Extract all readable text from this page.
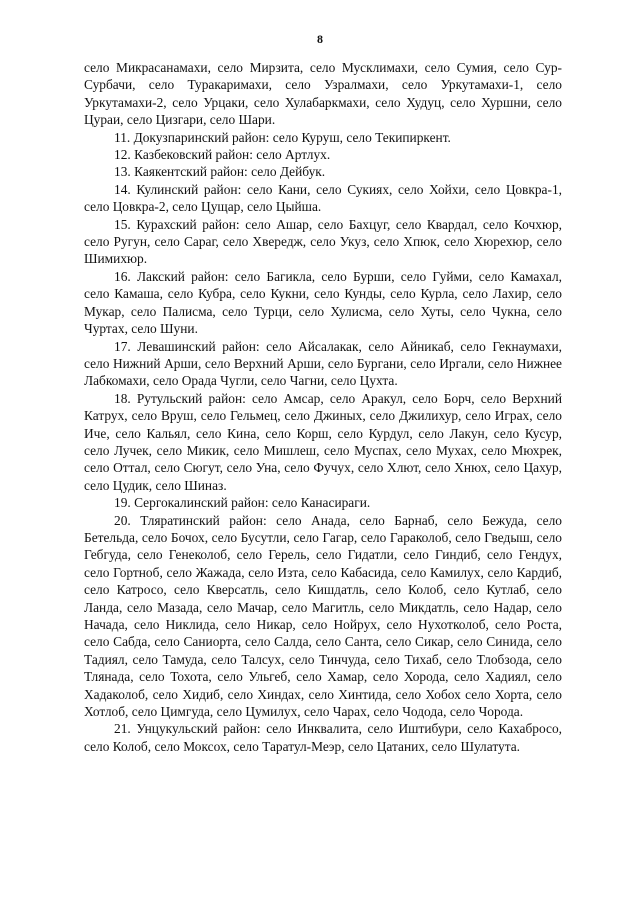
8

село Микрасанамахи, село Мирзита, село Мусклимахи, село Сумия, село Сур-Сурбачи, село Туракаримахи, село Узралмахи, село Уркутамахи-1, село Уркутамахи-2, село Урцаки, село Хулабаркмахи, село Худуц, село Хуршни, село Цураи, село Цизгари, село Шари.

11. Докузпаринский район: село Куруш, село Текипиркент.

12. Казбековский район: село Артлух.

13. Каякентский район: село Дейбук.

14. Кулинский район: село Кани, село Сукиях, село Хойхи, село Цовкра-1, село Цовкра-2, село Цущар, село Цыйша.

15. Курахский район: село Ашар, село Бахцуг, село Квардал, село Кочхюр, село Ругун, село Сараг, село Хвередж, село Укуз, село Хпюк, село Хюрехюр, село Шимихюр.

16. Лакский район: село Багикла, село Бурши, село Гуйми, село Камахал, село Камаша, село Кубра, село Кукни, село Кунды, село Курла, село Лахир, село Мукар, село Палисма, село Турци, село Хулисма, село Хуты, село Чукна, село Чуртах, село Шуни.

17. Левашинский район: село Айсалакак, село Айникаб, село Гекнаумахи, село Нижний Арши, село Верхний Арши, село Бургани, село Иргали, село Нижнее Лабкомахи, село Орада Чугли, село Чагни, село Цухта.

18. Рутульский район: село Амсар, село Аракул, село Борч, село Верхний Катрух, село Вруш, село Гельмец, село Джиных, село Джилихур, село Играх, село Иче, село Кальял, село Кина, село Корш, село Курдул, село Лакун, село Кусур, село Лучек, село Микик, село Мишлеш, село Муспах, село Мухах, село Мюхрек, село Оттал, село Сюгут, село Уна, село Фучух, село Хлют, село Хнюх, село Цахур, село Цудик, село Шиназ.

19. Сергокалинский район: село Канасираги.

20. Тляратинский район: село Анада, село Барнаб, село Бежуда, село Бетельда, село Бочох, село Бусутли, село Гагар, село Гараколоб, село Гведыш, село Гебгуда, село Генеколоб, село Герель, село Гидатли, село Гиндиб, село Гендух, село Гортноб, село Жажада, село Изта, село Кабасида, село Камилух, село Кардиб, село Катросо, село Кверсатль, село Кишдатль, село Колоб, село Кутлаб, село Ланда, село Мазада, село Мачар, село Магитль, село Микдатль, село Надар, село Начада, село Никлида, село Никар, село Нойрух, село Нухотколоб, село Роста, село Сабда, село Саниорта, село Салда, село Санта, село Сикар, село Синида, село Тадиял, село Тамуда, село Талсух, село Тинчуда, село Тихаб, село Тлобзода, село Тлянада, село Тохота, село Ульгеб, село Хамар, село Хорода, село Хадиял, село Хадаколоб, село Хидиб, село Хиндах, село Хинтида, село Хобох село Хорта, село Хотлоб, село Цимгуда, село Цумилух, село Чарах, село Чодода, село Чорода.

21. Унцукульский район: село Инквалита, село Иштибури, село Кахабросо, село Колоб, село Моксох, село Таратул-Меэр, село Цатаних, село Шулатута.
